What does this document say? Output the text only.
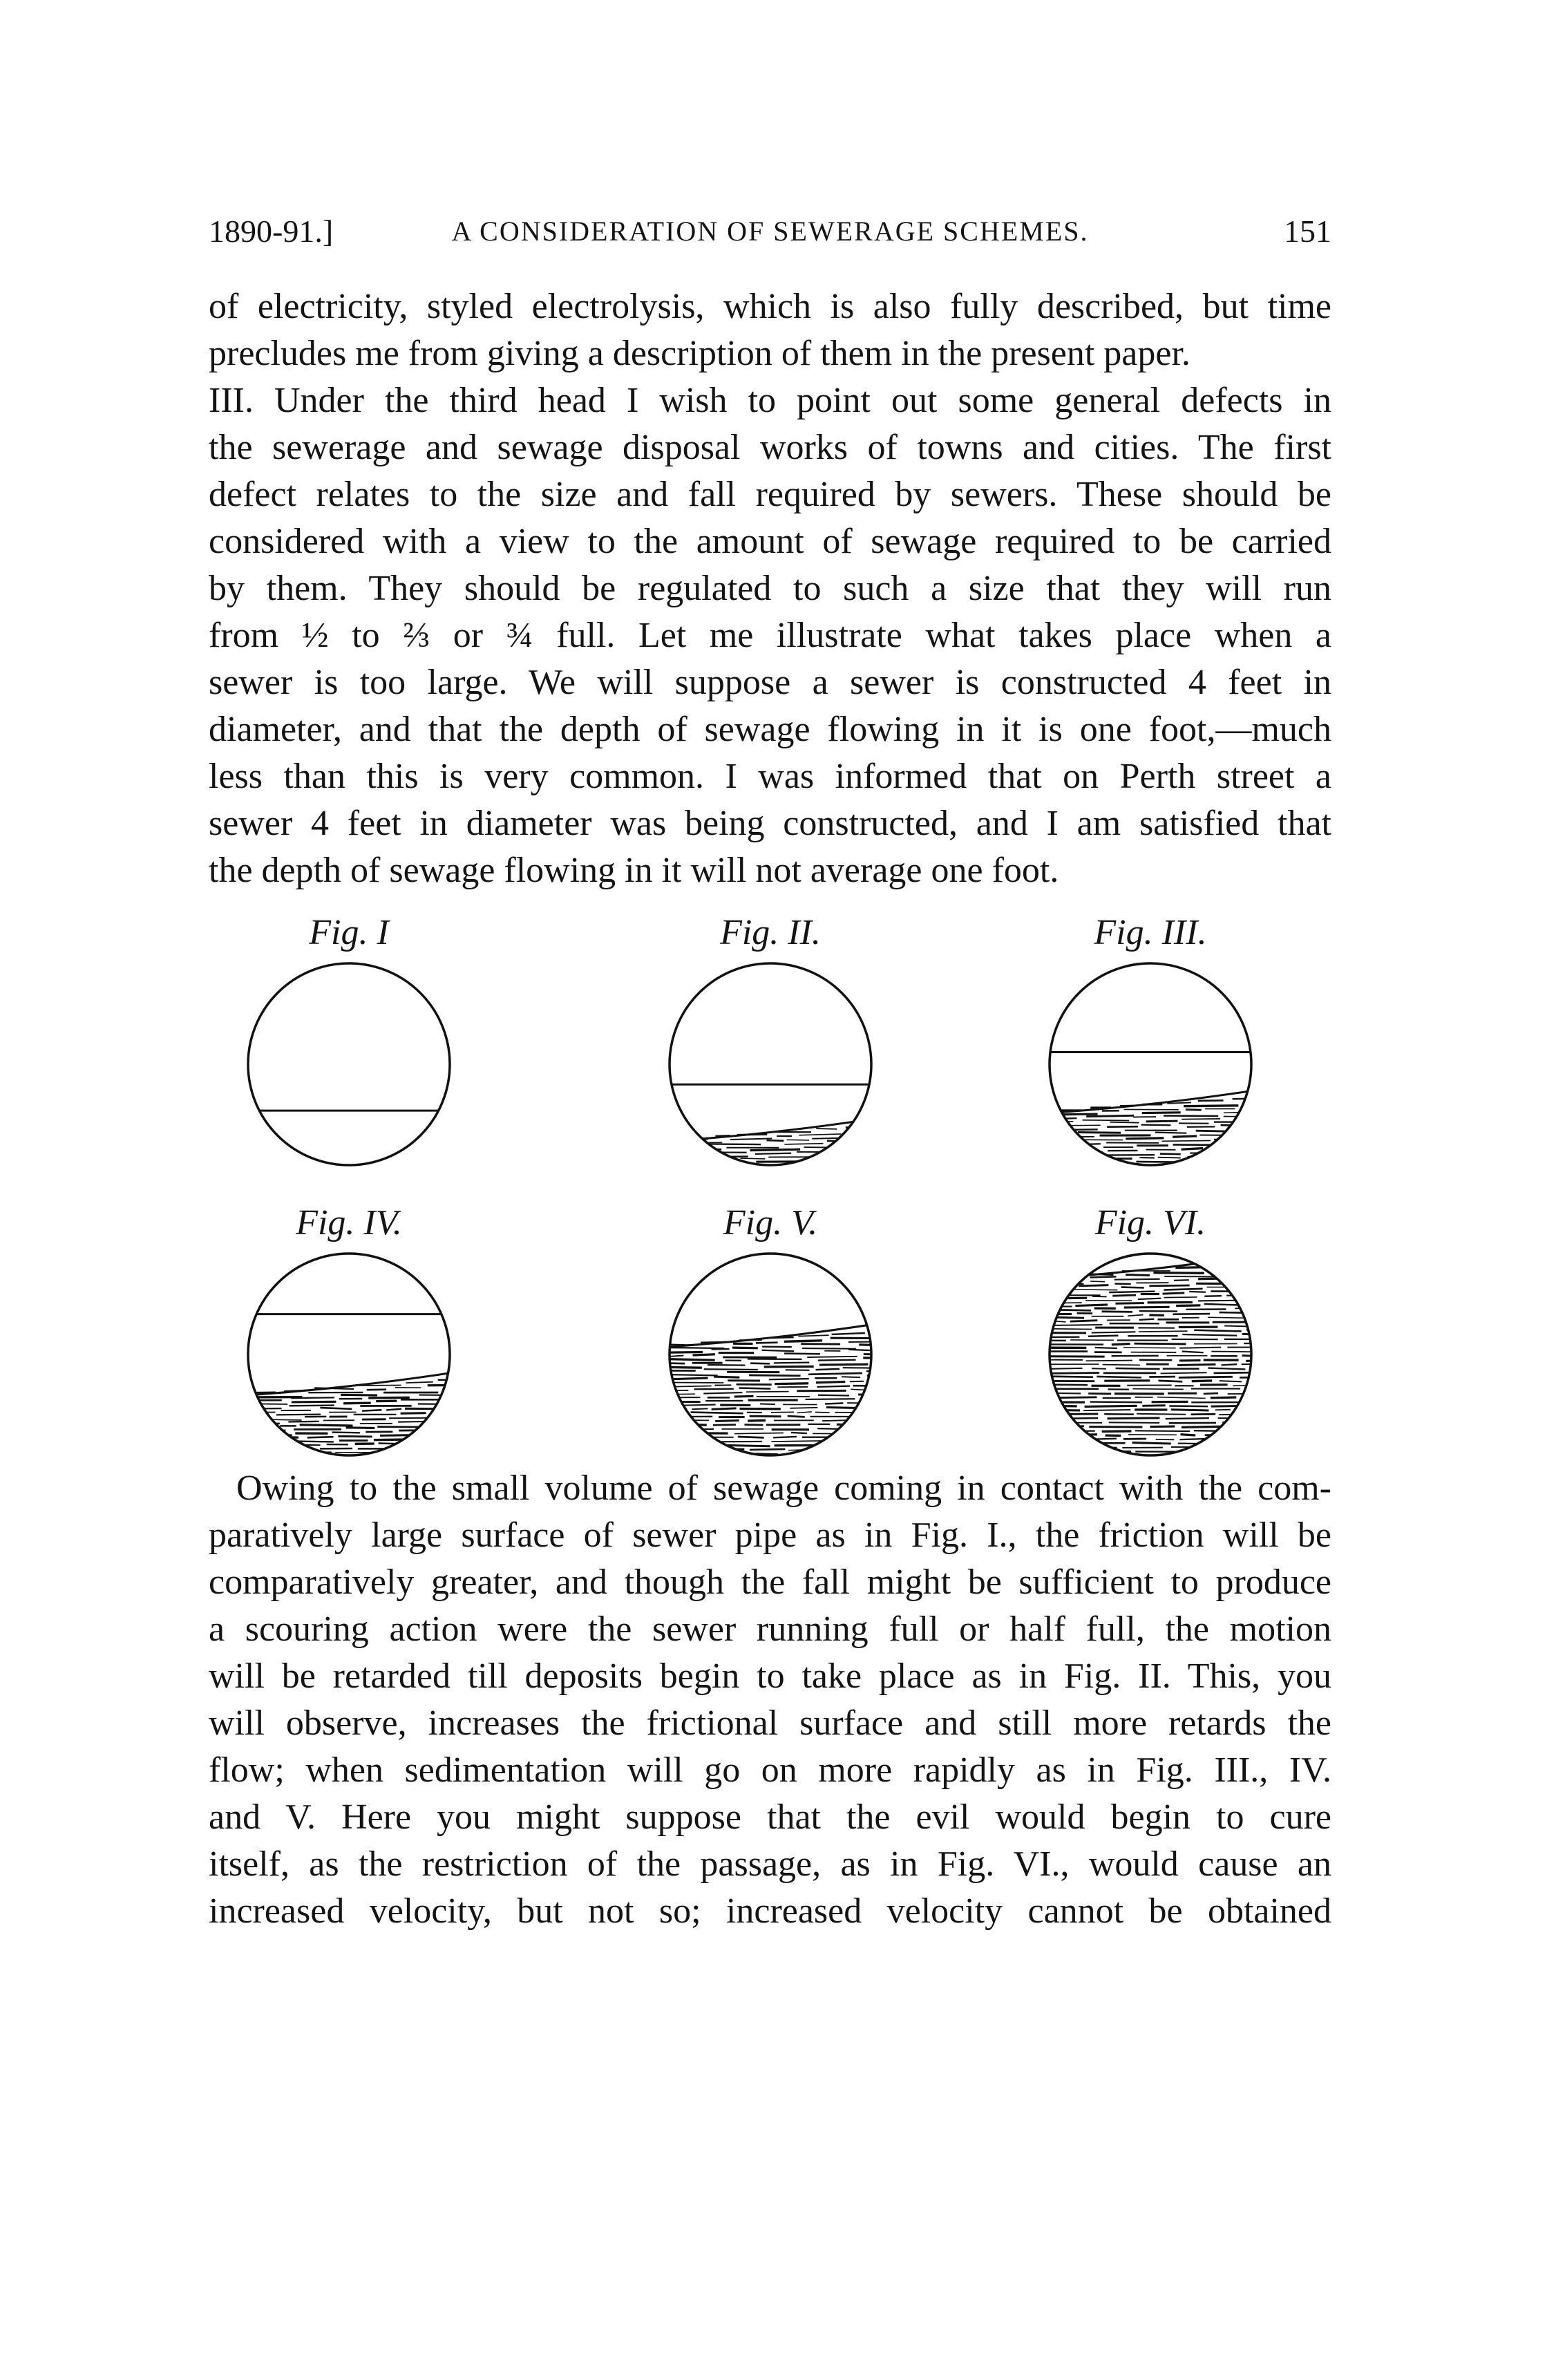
1890-91.]	A CONSIDERATION OF SEWERAGE SCHEMES.	151
of electricity, styled electrolysis, which is also fully described, but time
precludes me from giving a description of them in the present paper.
III. Under the third head I wish to point out some general defects in
the sewerage and sewage disposal works of towns and cities. The first
defect relates to the size and fall required by sewers. These should be
considered with a view to the amount of sewage required to be carried
by them. They should be regulated to such a size that they will run
from ½ to ⅔ or ¾ full. Let me illustrate what takes place when a
sewer is too large. We will suppose a sewer is constructed 4 feet in
diameter, and that the depth of sewage flowing in it is one foot,—much
less than this is very common. I was informed that on Perth street a
sewer 4 feet in diameter was being constructed, and I am satisfied that
the depth of sewage flowing in it will not average one foot.
Fig. I	Fig. II.	Fig. III.
Fig. IV.	Fig. V.	Fig. VI.
Owing to the small volume of sewage coming in contact with the com-
paratively large surface of sewer pipe as in Fig. I., the friction will be
comparatively greater, and though the fall might be sufficient to produce
a scouring action were the sewer running full or half full, the motion
will be retarded till deposits begin to take place as in Fig. II. This, you
will observe, increases the frictional surface and still more retards the
flow; when sedimentation will go on more rapidly as in Fig. III., IV.
and V. Here you might suppose that the evil would begin to cure
itself, as the restriction of the passage, as in Fig. VI., would cause an
increased velocity, but not so; increased velocity cannot be obtained
